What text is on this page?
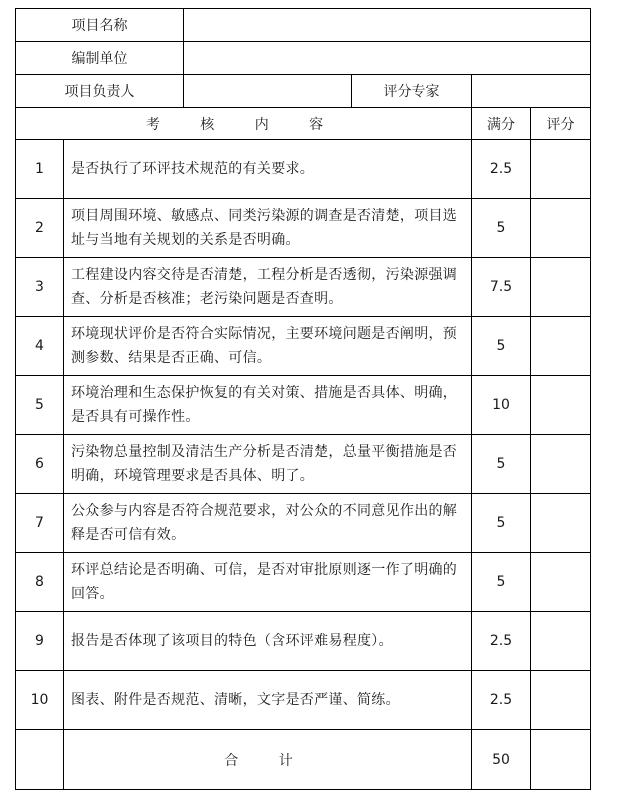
项目名称					
编制单位					
项目负责人			评分专家		
考 核 内 容				满分	评分
1	是否执行了环评技术规范的有关要求。			2.5	
2	项目周围环境、敏感点、同类污染源的调查是否清楚，项目选址与当地有关规划的关系是否明确。			5	
3	工程建设内容交待是否清楚，工程分析是否透彻，污染源强调查、分析是否核准；老污染问题是否查明。			7.5	
4	环境现状评价是否符合实际情况，主要环境问题是否阐明，预测参数、结果是否正确、可信。			5	
5	环境治理和生态保护恢复的有关对策、措施是否具体、明确，是否具有可操作性。			10	
6	污染物总量控制及清洁生产分析是否清楚，总量平衡措施是否明确，环境管理要求是否具体、明了。			5	
7	公众参与内容是否符合规范要求，对公众的不同意见作出的解释是否可信有效。			5	
8	环评总结论是否明确、可信，是否对审批原则逐一作了明确的回答。			5	
9	报告是否体现了该项目的特色（含环评难易程度）。			2.5	
10	图表、附件是否规范、清晰，文字是否严谨、简练。			2.5	
	合 计			50	
